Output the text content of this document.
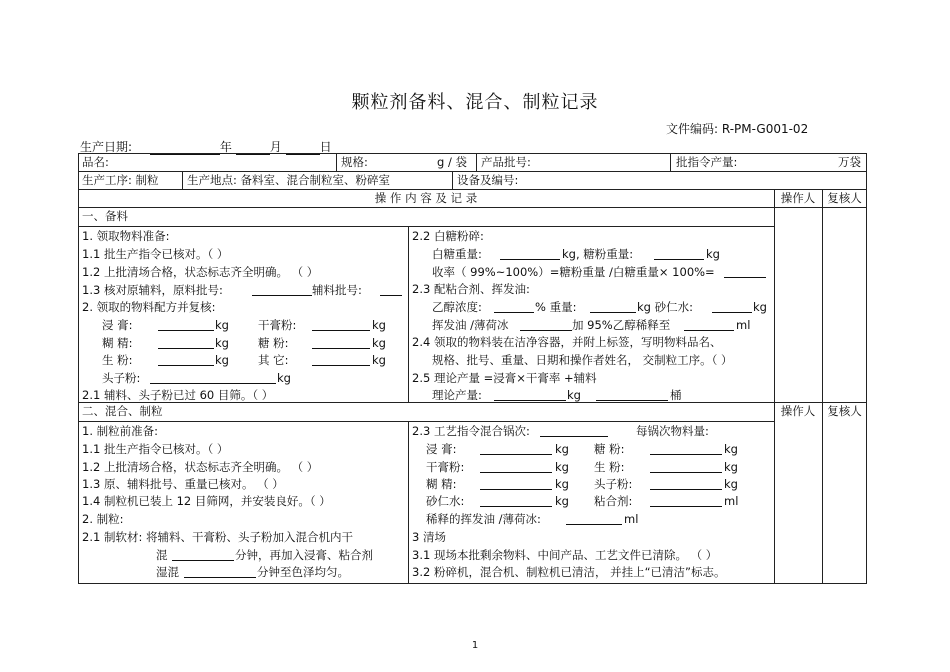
颗粒剂备料、混合、制粒记录
文件编码: R-PM-G001-02
生产日期:	年	月	日
品名:	规格:	g / 袋 产品批号:	批指令产量:	万袋
生产工序: 制粒 生产地点: 备料室、混合制粒室、粉碎室	设备及编号:
操 作 内 容 及 记 录	操作人	复核人
一、备料
1. 领取物料准备:
1.1 批生产指令已核对。（ ）
1.2 上批清场合格，状态标志齐全明确。 （ ）
1.3 核对原辅料，原料批号:	辅料批号:
2. 领取的物料配方并复核:
浸 膏:	kg	干膏粉:	kg
糊 精:	kg	糖 粉:	kg
生 粉:	kg	其 它:	kg
头子粉:	kg
2.1 辅料、头子粉已过 60 目筛。（ ）
2.2 白糖粉碎:
白糖重量:	kg, 糖粉重量:	kg
收率（ 99%~100%）=糖粉重量 /白糖重量× 100%=
2.3 配粘合剂、挥发油:
乙醇浓度:	% 重量:	kg 砂仁水:	kg
挥发油 /薄荷冰	加 95%乙醇稀释至	ml
2.4 领取的物料装在洁净容器，并附上标签，写明物料品名、
规格、批号、重量、日期和操作者姓名， 交制粒工序。（ ）
2.5 理论产量 =浸膏×干膏率 +辅料
理论产量:	kg	桶
二、混合、制粒	操作人	复核人
1. 制粒前准备:
1.1 批生产指令已核对。（ ）
1.2 上批清场合格，状态标志齐全明确。 （ ）
1.3 原、辅料批号、重量已核对。 （ ）
1.4 制粒机已装上 12 目筛网，并安装良好。（ ）
2. 制粒:
2.1 制软材: 将辅料、干膏粉、头子粉加入混合机内干
混	分钟，再加入浸膏、粘合剂
湿混	分钟至色泽均匀。
2.3 工艺指令混合锅次:	每锅次物料量:
浸 膏:	kg 糖 粉:	kg
干膏粉:	kg 生 粉:	kg
糊 精:	kg 头子粉:	kg
砂仁水:	kg 粘合剂:	ml
稀释的挥发油 /薄荷冰:	ml
3 清场
3.1 现场本批剩余物料、中间产品、工艺文件已清除。 （ ）
3.2 粉碎机，混合机、制粒机已清洁， 并挂上“已清洁”标志。
1
